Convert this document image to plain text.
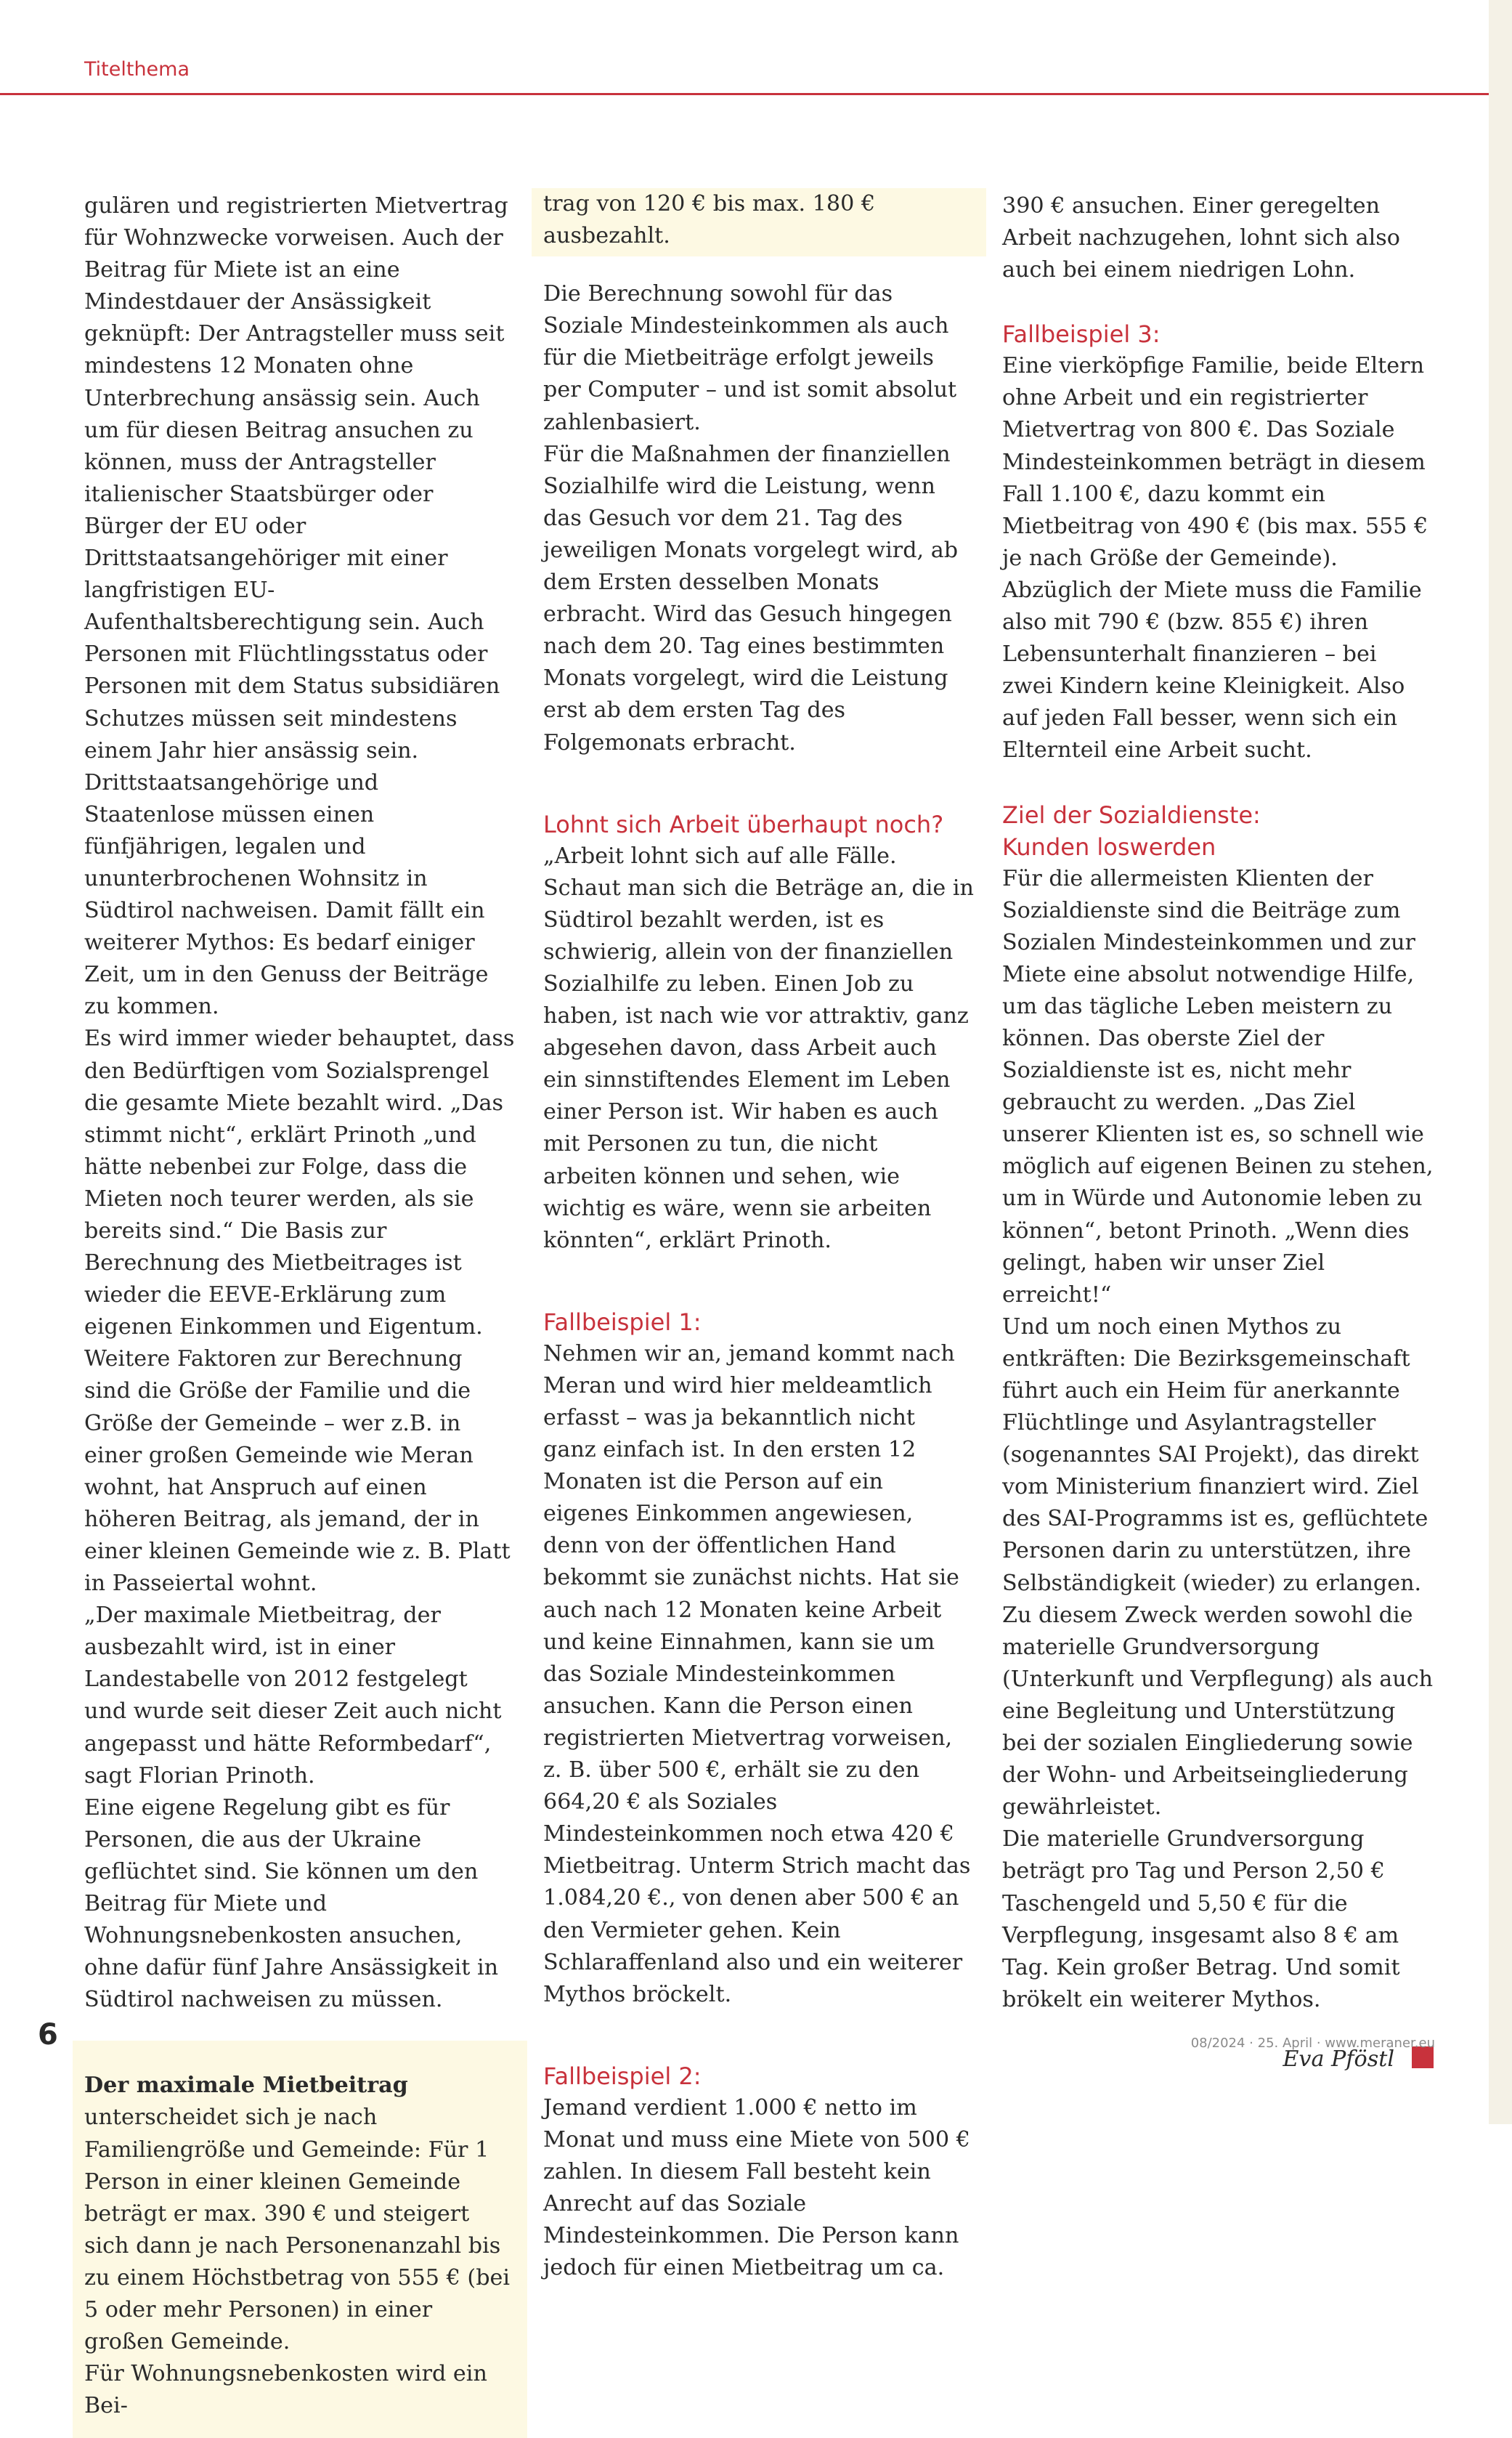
Titelthema

gulären und registrierten Mietvertrag für Wohnzwecke vorweisen. Auch der Beitrag für Miete ist an eine Mindestdauer der Ansässigkeit geknüpft: Der Antragsteller muss seit mindestens 12 Monaten ohne Unterbrechung ansässig sein. Auch um für diesen Beitrag ansuchen zu können, muss der Antragsteller italienischer Staatsbürger oder Bürger der EU oder Drittstaatsangehöriger mit einer langfristigen EU-Aufenthaltsberechtigung sein. Auch Personen mit Flüchtlingsstatus oder Personen mit dem Status subsidiären Schutzes müssen seit mindestens einem Jahr hier ansässig sein. Drittstaatsangehörige und Staatenlose müssen einen fünfjährigen, legalen und ununterbrochenen Wohnsitz in Südtirol nachweisen. Damit fällt ein weiterer Mythos: Es bedarf einiger Zeit, um in den Genuss der Beiträge zu kommen.

Es wird immer wieder behauptet, dass den Bedürftigen vom Sozialsprengel die gesamte Miete bezahlt wird. „Das stimmt nicht“, erklärt Prinoth „und hätte nebenbei zur Folge, dass die Mieten noch teurer werden, als sie bereits sind.“ Die Basis zur Berechnung des Mietbeitrages ist wieder die EEVE-Erklärung zum eigenen Einkommen und Eigentum. Weitere Faktoren zur Berechnung sind die Größe der Familie und die Größe der Gemeinde – wer z.B. in einer großen Gemeinde wie Meran wohnt, hat Anspruch auf einen höheren Beitrag, als jemand, der in einer kleinen Gemeinde wie z. B. Platt in Passeiertal wohnt.

„Der maximale Mietbeitrag, der ausbezahlt wird, ist in einer Landestabelle von 2012 festgelegt und wurde seit dieser Zeit auch nicht angepasst und hätte Reformbedarf“, sagt Florian Prinoth.

Eine eigene Regelung gibt es für Personen, die aus der Ukraine geflüchtet sind. Sie können um den Beitrag für Miete und Wohnungsnebenkosten ansuchen, ohne dafür fünf Jahre Ansässigkeit in Südtirol nachweisen zu müssen.

Der maximale Mietbeitrag unterscheidet sich je nach Familiengröße und Gemeinde: Für 1 Person in einer kleinen Gemeinde beträgt er max. 390 € und steigert sich dann je nach Personenanzahl bis zu einem Höchstbetrag von 555 € (bei 5 oder mehr Personen) in einer großen Gemeinde.

Für Wohnungsnebenkosten wird ein Bei-

trag von 120 € bis max. 180 € ausbezahlt.

Die Berechnung sowohl für das Soziale Mindesteinkommen als auch für die Mietbeiträge erfolgt jeweils per Computer – und ist somit absolut zahlenbasiert.

Für die Maßnahmen der finanziellen Sozialhilfe wird die Leistung, wenn das Gesuch vor dem 21. Tag des jeweiligen Monats vorgelegt wird, ab dem Ersten desselben Monats erbracht. Wird das Gesuch hingegen nach dem 20. Tag eines bestimmten Monats vorgelegt, wird die Leistung erst ab dem ersten Tag des Folgemonats erbracht.

Lohnt sich Arbeit überhaupt noch?

„Arbeit lohnt sich auf alle Fälle. Schaut man sich die Beträge an, die in Südtirol bezahlt werden, ist es schwierig, allein von der finanziellen Sozialhilfe zu leben. Einen Job zu haben, ist nach wie vor attraktiv, ganz abgesehen davon, dass Arbeit auch ein sinnstiftendes Element im Leben einer Person ist. Wir haben es auch mit Personen zu tun, die nicht arbeiten können und sehen, wie wichtig es wäre, wenn sie arbeiten könnten“, erklärt Prinoth.

Fallbeispiel 1:

Nehmen wir an, jemand kommt nach Meran und wird hier meldeamtlich erfasst – was ja bekanntlich nicht ganz einfach ist. In den ersten 12 Monaten ist die Person auf ein eigenes Einkommen angewiesen, denn von der öffentlichen Hand bekommt sie zunächst nichts. Hat sie auch nach 12 Monaten keine Arbeit und keine Einnahmen, kann sie um das Soziale Mindesteinkommen ansuchen. Kann die Person einen registrierten Mietvertrag vorweisen, z. B. über 500 €, erhält sie zu den 664,20 € als Soziales Mindesteinkommen noch etwa 420 € Mietbeitrag. Unterm Strich macht das 1.084,20 €., von denen aber 500 € an den Vermieter gehen. Kein Schlaraffenland also und ein weiterer Mythos bröckelt.

Fallbeispiel 2:

Jemand verdient 1.000 € netto im Monat und muss eine Miete von 500 € zahlen. In diesem Fall besteht kein Anrecht auf das Soziale Mindesteinkommen. Die Person kann jedoch für einen Mietbeitrag um ca.

390 € ansuchen. Einer geregelten Arbeit nachzugehen, lohnt sich also auch bei einem niedrigen Lohn.

Fallbeispiel 3:

Eine vierköpfige Familie, beide Eltern ohne Arbeit und ein registrierter Mietvertrag von 800 €. Das Soziale Mindesteinkommen beträgt in diesem Fall 1.100 €, dazu kommt ein Mietbeitrag von 490 € (bis max. 555 € je nach Größe der Gemeinde). Abzüglich der Miete muss die Familie also mit 790 € (bzw. 855 €) ihren Lebensunterhalt finanzieren – bei zwei Kindern keine Kleinigkeit. Also auf jeden Fall besser, wenn sich ein Elternteil eine Arbeit sucht.

Ziel der Sozialdienste:
Kunden loswerden

Für die allermeisten Klienten der Sozialdienste sind die Beiträge zum Sozialen Mindesteinkommen und zur Miete eine absolut notwendige Hilfe, um das tägliche Leben meistern zu können. Das oberste Ziel der Sozialdienste ist es, nicht mehr gebraucht zu werden. „Das Ziel unserer Klienten ist es, so schnell wie möglich auf eigenen Beinen zu stehen, um in Würde und Autonomie leben zu können“, betont Prinoth. „Wenn dies gelingt, haben wir unser Ziel erreicht!“

Und um noch einen Mythos zu entkräften: Die Bezirksgemeinschaft führt auch ein Heim für anerkannte Flüchtlinge und Asylantragsteller (sogenanntes SAI Projekt), das direkt vom Ministerium finanziert wird. Ziel des SAI-Programms ist es, geflüchtete Personen darin zu unterstützen, ihre Selbständigkeit (wieder) zu erlangen. Zu diesem Zweck werden sowohl die materielle Grundversorgung (Unterkunft und Verpflegung) als auch eine Begleitung und Unterstützung bei der sozialen Eingliederung sowie der Wohn- und Arbeitseingliederung gewährleistet.

Die materielle Grundversorgung beträgt pro Tag und Person 2,50 € Taschengeld und 5,50 € für die Verpflegung, insgesamt also 8 € am Tag. Kein großer Betrag. Und somit brökelt ein weiterer Mythos.

Eva Pföstl

6	08/2024 · 25. April · www.meraner.eu
